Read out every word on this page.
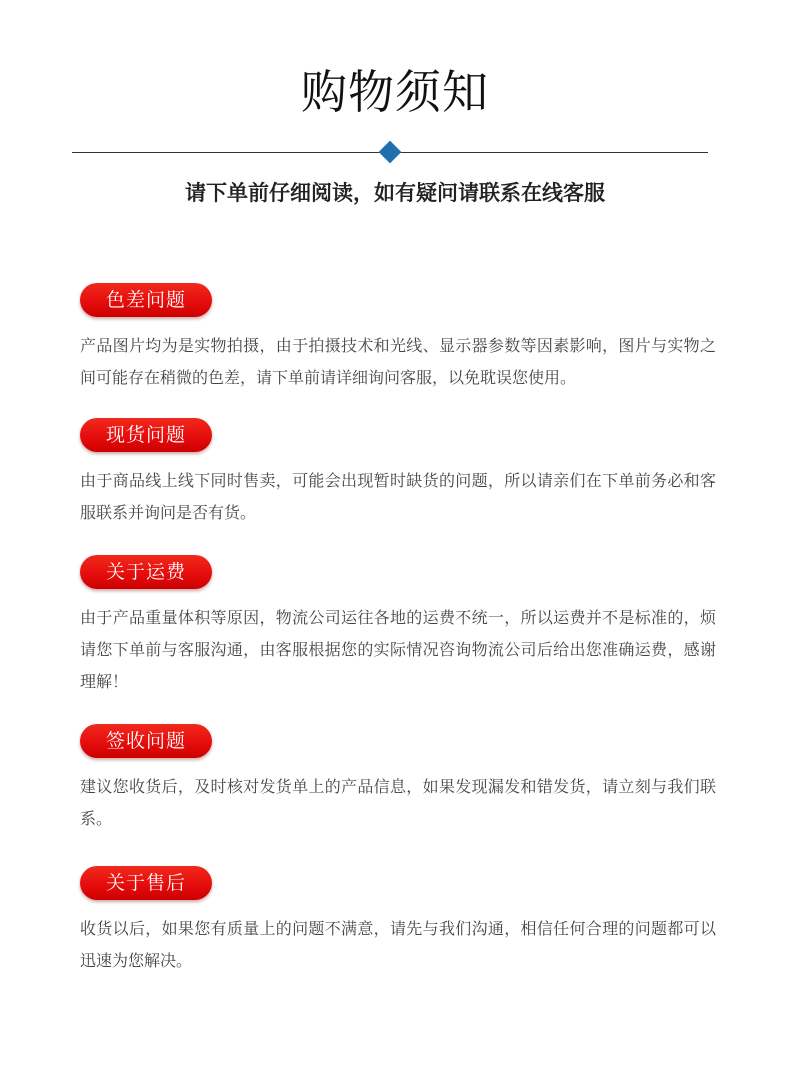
购物须知
请下单前仔细阅读，如有疑问请联系在线客服
色差问题
产品图片均为是实物拍摄，由于拍摄技术和光线、显示器参数等因素影响，图片与实物之间可能存在稍微的色差，请下单前请详细询问客服，以免耽误您使用。
现货问题
由于商品线上线下同时售卖，可能会出现暂时缺货的问题，所以请亲们在下单前务必和客服联系并询问是否有货。
关于运费
由于产品重量体积等原因，物流公司运往各地的运费不统一，所以运费并不是标准的，烦请您下单前与客服沟通，由客服根据您的实际情况咨询物流公司后给出您准确运费，感谢理解！
签收问题
建议您收货后，及时核对发货单上的产品信息，如果发现漏发和错发货，请立刻与我们联系。
关于售后
收货以后，如果您有质量上的问题不满意，请先与我们沟通，相信任何合理的问题都可以迅速为您解决。
